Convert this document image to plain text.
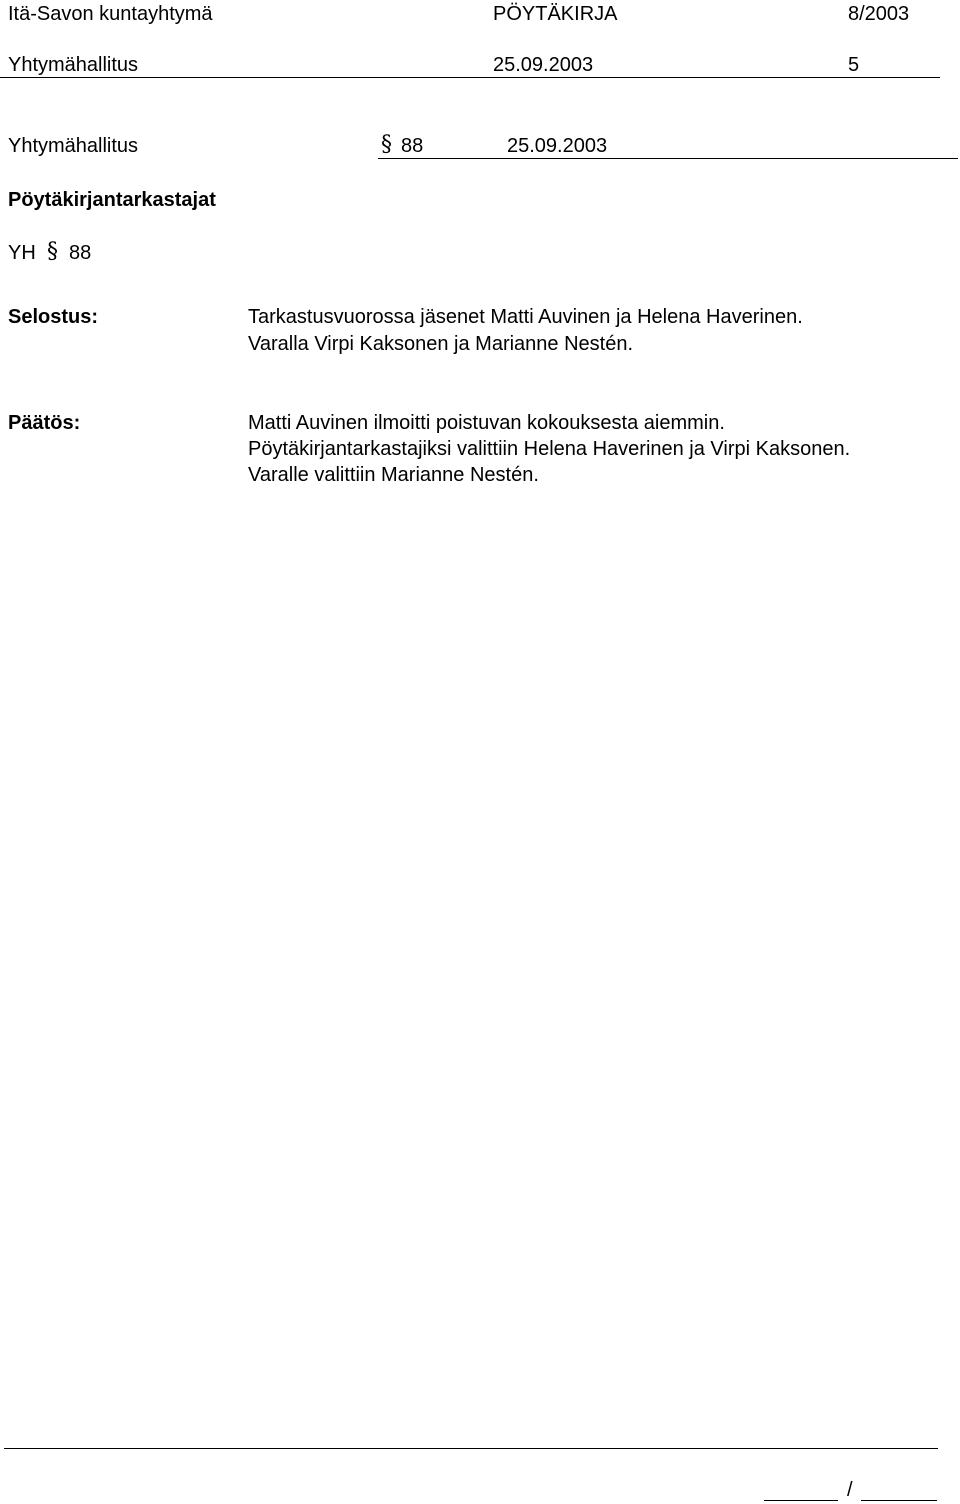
Itä-Savon kuntayhtymä	PÖYTÄKIRJA	8/2003
Yhtymähallitus	25.09.2003	5
Yhtymähallitus	§ 88	25.09.2003
Pöytäkirjantarkastajat
YH § 88
Selostus:	Tarkastusvuorossa jäsenet Matti Auvinen ja Helena Haverinen.
Varalla Virpi Kaksonen ja Marianne Nestén.
Päätös:	Matti Auvinen ilmoitti poistuvan kokouksesta aiemmin.
Pöytäkirjantarkastajiksi valittiin Helena Haverinen ja Virpi Kaksonen.
Varalle valittiin Marianne Nestén.
/
